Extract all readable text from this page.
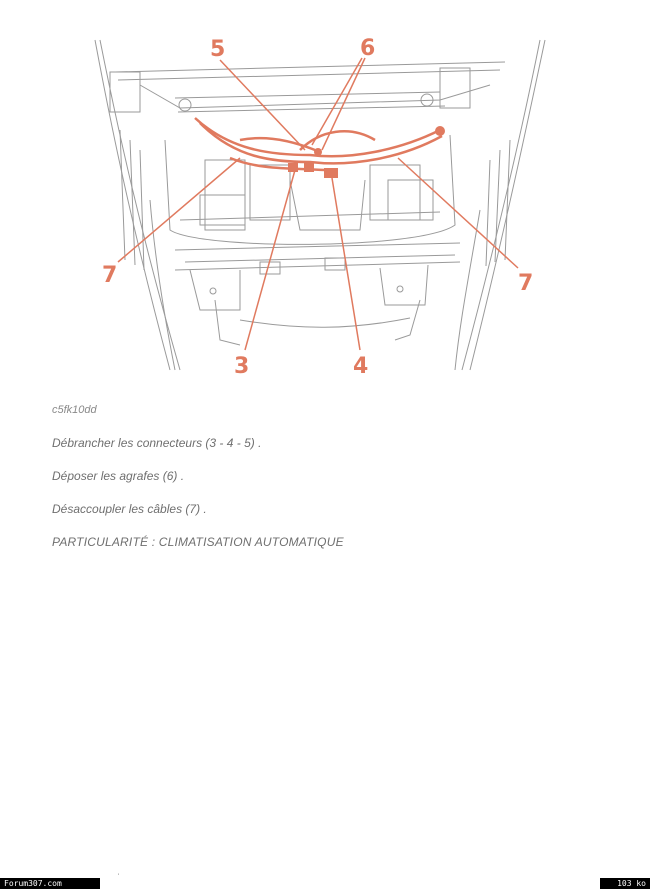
5	6
7	7
3	4

c5fk10dd

Débrancher les connecteurs (3 - 4 - 5) .

Déposer les agrafes (6) .

Désaccoupler les câbles (7) .

PARTICULARITÉ : CLIMATISATION AUTOMATIQUE

'
Forum307.com	103 ko
